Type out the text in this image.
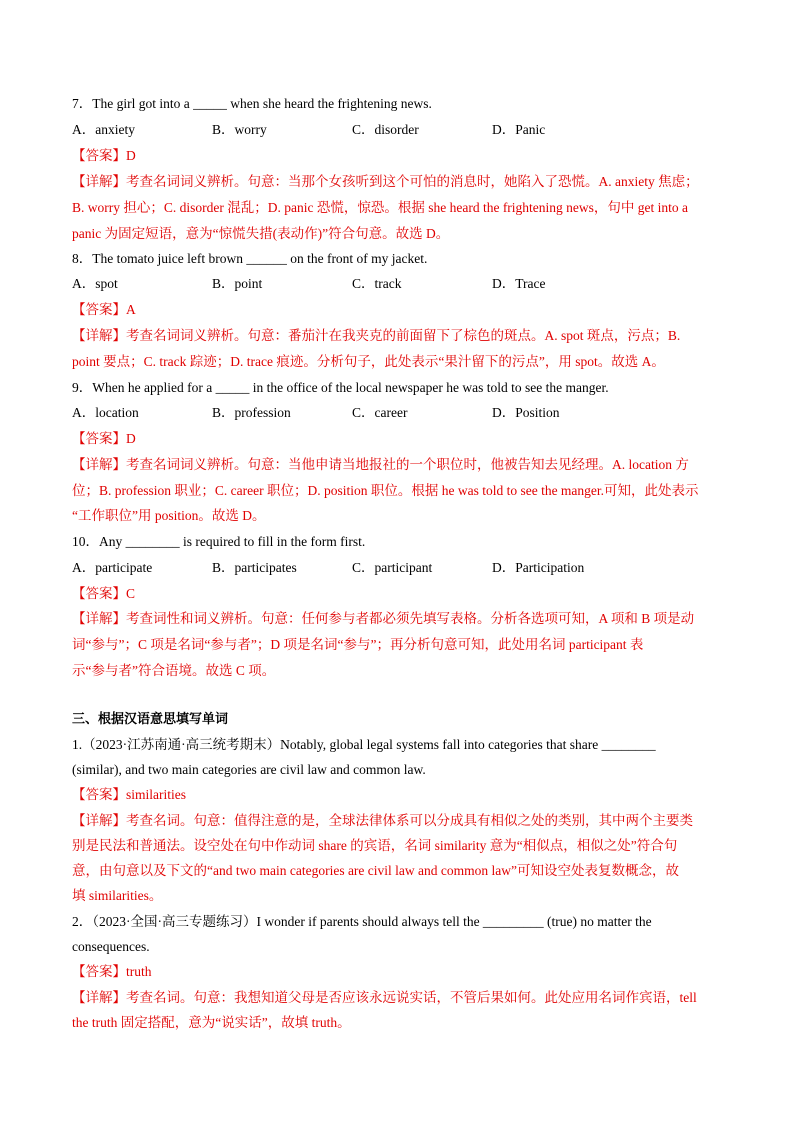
7．The girl got into a _____ when she heard the frightening news.
A．anxiety	B．worry	C．disorder	D．Panic
【答案】D
【详解】考查名词词义辨析。句意：当那个女孩听到这个可怕的消息时，她陷入了恐慌。A. anxiety 焦虑；
B. worry 担心；C. disorder 混乱；D. panic 恐慌，惊恐。根据 she heard the frightening news，句中 get into a
panic 为固定短语，意为“惊慌失措(表动作)”符合句意。故选 D。
8．The tomato juice left brown ______ on the front of my jacket.
A．spot	B．point	C．track	D．Trace
【答案】A
【详解】考查名词词义辨析。句意：番茄汁在我夹克的前面留下了棕色的斑点。A. spot 斑点，污点；B.
point 要点；C. track 踪迹；D. trace 痕迹。分析句子，此处表示“果汁留下的污点”，用 spot。故选 A。
9．When he applied for a _____ in the office of the local newspaper he was told to see the manger.
A．location	B．profession	C．career	D．Position
【答案】D
【详解】考查名词词义辨析。句意：当他申请当地报社的一个职位时，他被告知去见经理。A. location 方
位；B. profession 职业；C. career 职位；D. position 职位。根据 he was told to see the manger.可知，此处表示
“工作职位”用 position。故选 D。
10．Any ________ is required to fill in the form first.
A．participate	B．participates	C．participant	D．Participation
【答案】C
【详解】考查词性和词义辨析。句意：任何参与者都必须先填写表格。分析各选项可知，A 项和 B 项是动
词“参与”；C 项是名词“参与者”；D 项是名词“参与”；再分析句意可知，此处用名词 participant 表
示“参与者”符合语境。故选 C 项。
三、根据汉语意思填写单词
1.（2023·江苏南通·高三统考期末）Notably, global legal systems fall into categories that share ________
(similar), and two main categories are civil law and common law.
【答案】similarities
【详解】考查名词。句意：值得注意的是，全球法律体系可以分成具有相似之处的类别，其中两个主要类
别是民法和普通法。设空处在句中作动词 share 的宾语，名词 similarity 意为“相似点，相似之处”符合句
意，由句意以及下文的“and two main categories are civil law and common law”可知设空处表复数概念，故
填 similarities。
2．（2023·全国·高三专题练习）I wonder if parents should always tell the _________ (true) no matter the
consequences.
【答案】truth
【详解】考查名词。句意：我想知道父母是否应该永远说实话，不管后果如何。此处应用名词作宾语，tell
the truth 固定搭配，意为“说实话”，故填 truth。
